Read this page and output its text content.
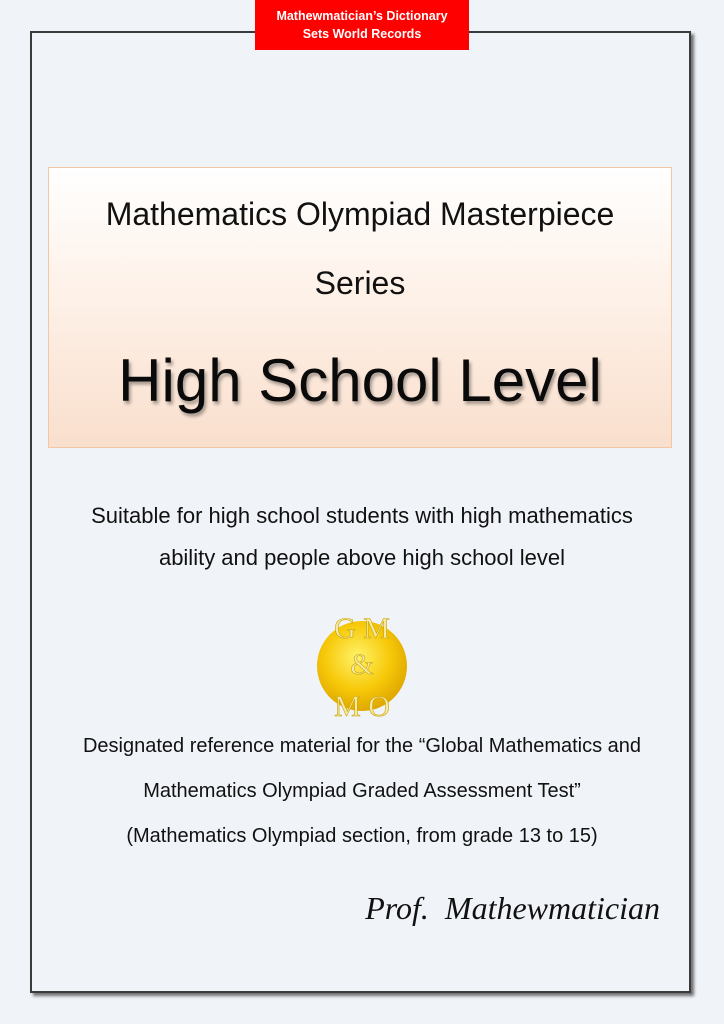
Mathewmatician’s Dictionary
Sets World Records
Mathematics Olympiad Masterpiece
Series
High School Level
Suitable for high school students with high mathematics
ability and people above high school level
G M
&
M O
Designated reference material for the “Global Mathematics and
Mathematics Olympiad Graded Assessment Test”
(Mathematics Olympiad section, from grade 13 to 15)
Prof.  Mathewmatician
